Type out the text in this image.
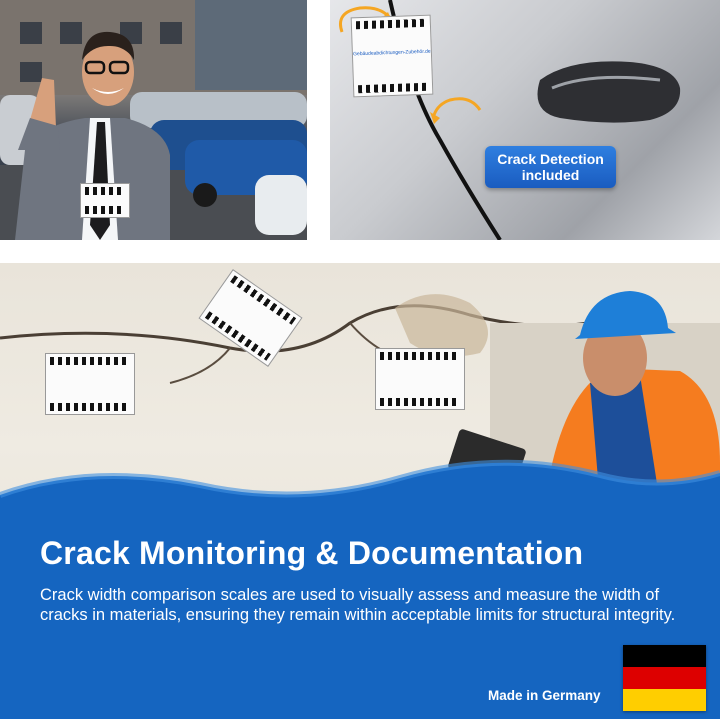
Gebäudeabdichtungen-Zubehör.de
Crack Detection
included
Crack Monitoring & Documentation

Crack width comparison scales are used to visually assess and measure the width of cracks in materials, ensuring they remain within acceptable limits for structural integrity.

Made in Germany
